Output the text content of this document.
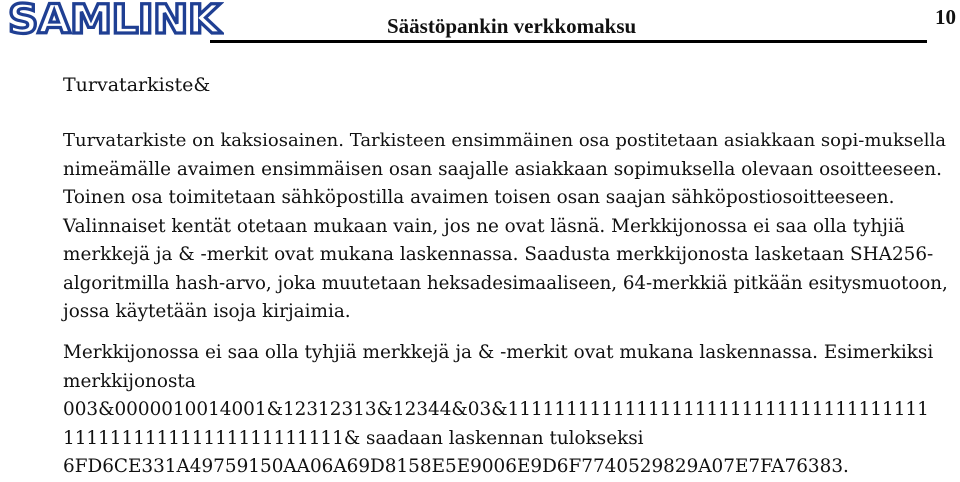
SAMLINK	Säästöpankin verkkomaksu	10
Turvatarkiste&
Turvatarkiste on kaksiosainen. Tarkisteen ensimmäinen osa postitetaan asiakkaan sopi-muksella
nimeämälle avaimen ensimmäisen osan saajalle asiakkaan sopimuksella olevaan osoitteeseen.
Toinen osa toimitetaan sähköpostilla avaimen toisen osan saajan sähköpostiosoitteeseen.
Valinnaiset kentät otetaan mukaan vain, jos ne ovat läsnä. Merkkijonossa ei saa olla tyhjiä
merkkejä ja & -merkit ovat mukana laskennassa. Saadusta merkkijonosta lasketaan SHA256-
algoritmilla hash-arvo, joka muutetaan heksadesimaaliseen, 64-merkkiä pitkään esitysmuotoon,
jossa käytetään isoja kirjaimia.
Merkkijonossa ei saa olla tyhjiä merkkejä ja & -merkit ovat mukana laskennassa. Esimerkiksi
merkkijonosta
003&0000010014001&12312313&12344&03&111111111111111111111111111111111111
111111111111111111111111& saadaan laskennan tulokseksi
6FD6CE331A49759150AA06A69D8158E5E9006E9D6F7740529829A07E7FA76383.
